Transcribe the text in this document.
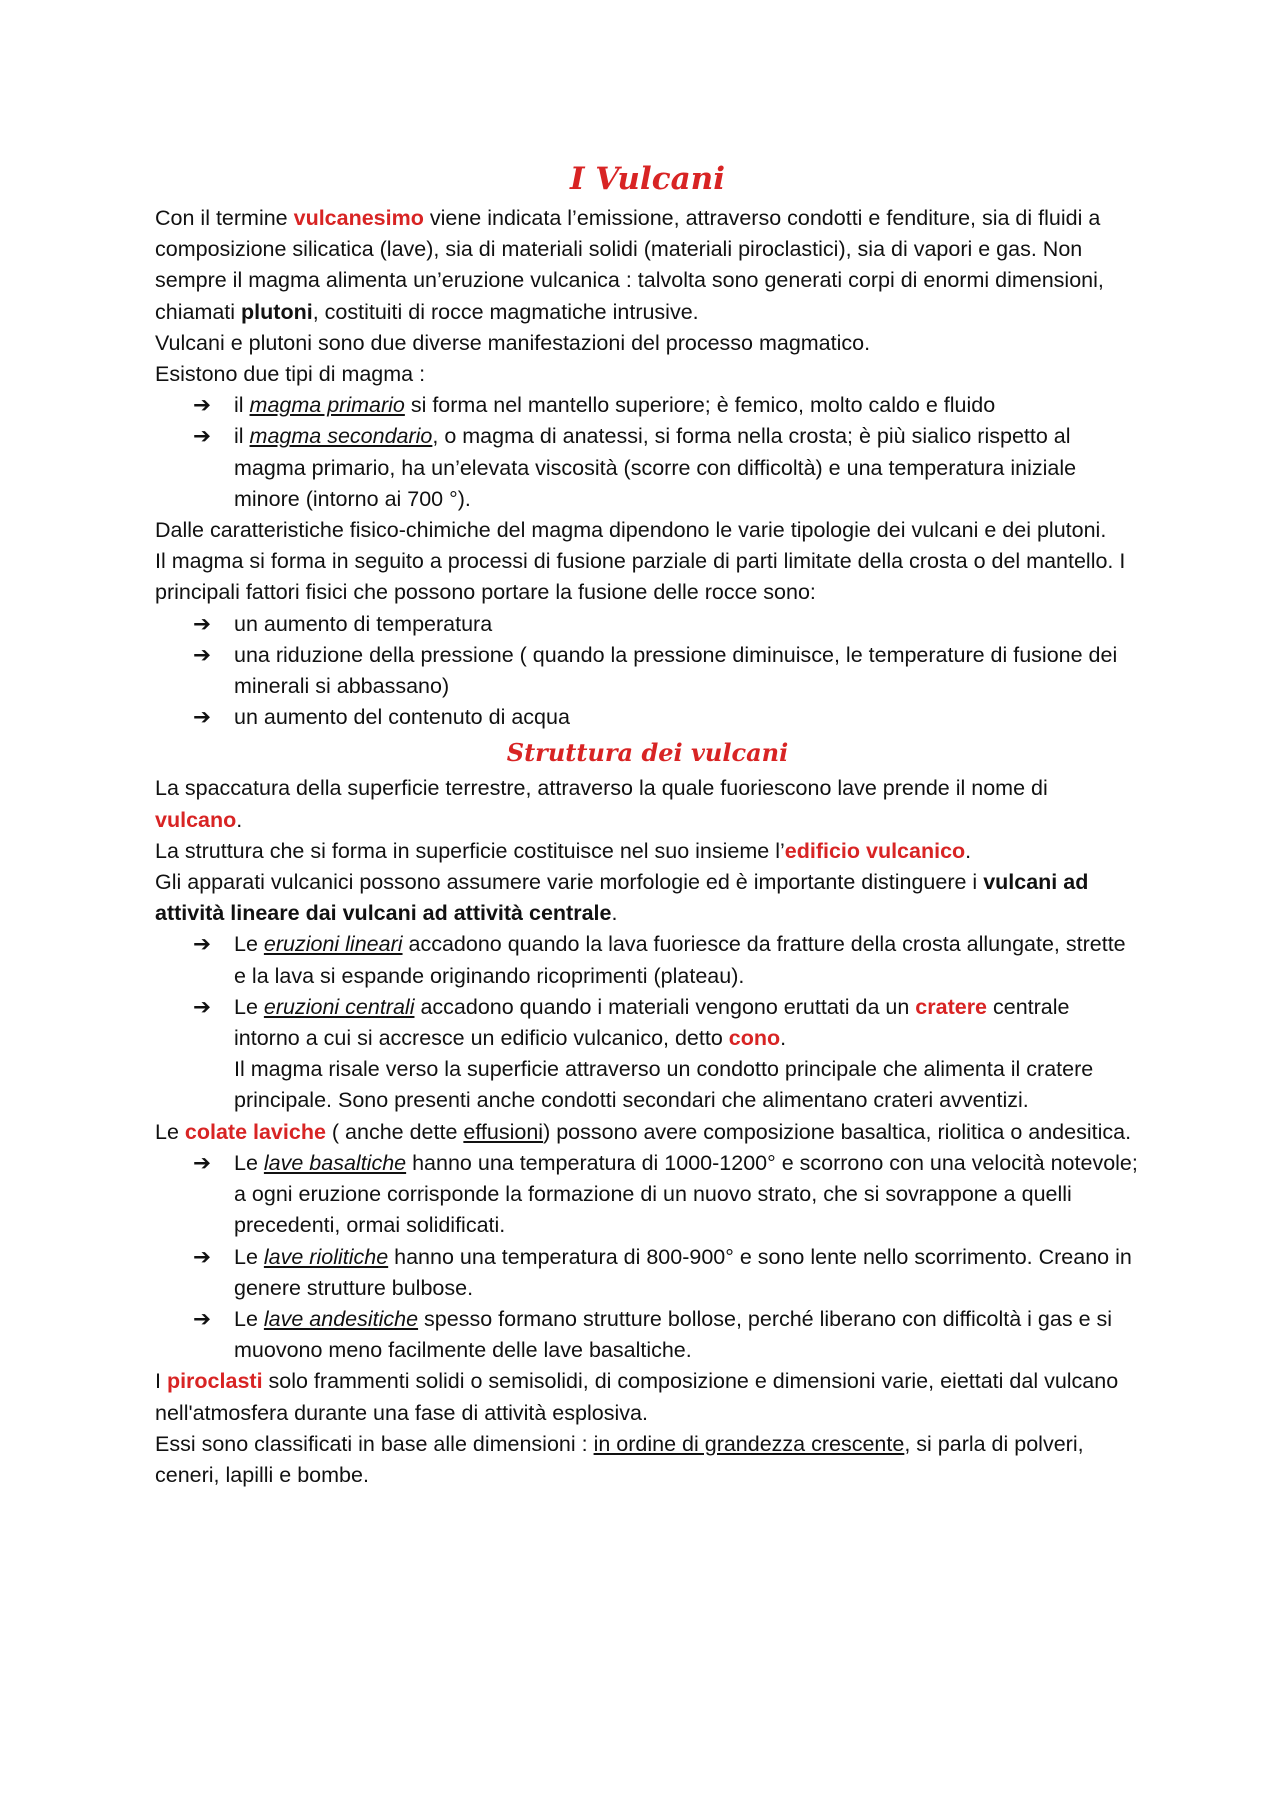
I Vulcani

Con il termine vulcanesimo viene indicata l’emissione, attraverso condotti e fenditure, sia di fluidi a composizione silicatica (lave), sia di materiali solidi (materiali piroclastici), sia di vapori e gas. Non sempre il magma alimenta un’eruzione vulcanica : talvolta sono generati corpi di enormi dimensioni, chiamati plutoni, costituiti di rocce magmatiche intrusive.

Vulcani e plutoni sono due diverse manifestazioni del processo magmatico.

Esistono due tipi di magma :

➔ il magma primario si forma nel mantello superiore; è femico, molto caldo e fluido
➔ il magma secondario, o magma di anatessi, si forma nella crosta; è più sialico rispetto al magma primario, ha un’elevata viscosità (scorre con difficoltà) e una temperatura iniziale minore (intorno ai 700 °).

Dalle caratteristiche fisico-chimiche del magma dipendono le varie tipologie dei vulcani e dei plutoni.

Il magma si forma in seguito a processi di fusione parziale di parti limitate della crosta o del mantello. I principali fattori fisici che possono portare la fusione delle rocce sono:

➔ un aumento di temperatura
➔ una riduzione della pressione ( quando la pressione diminuisce, le temperature di fusione dei minerali si abbassano)
➔ un aumento del contenuto di acqua
Struttura dei vulcani

La spaccatura della superficie terrestre, attraverso la quale fuoriescono lave prende il nome di vulcano.

La struttura che si forma in superficie costituisce nel suo insieme l’edificio vulcanico.

Gli apparati vulcanici possono assumere varie morfologie ed è importante distinguere i vulcani ad attività lineare dai vulcani ad attività centrale.

➔ Le eruzioni lineari accadono quando la lava fuoriesce da fratture della crosta allungate, strette e la lava si espande originando ricoprimenti (plateau).
➔ Le eruzioni centrali accadono quando i materiali vengono eruttati da un cratere centrale intorno a cui si accresce un edificio vulcanico, detto cono.
Il magma risale verso la superficie attraverso un condotto principale che alimenta il cratere principale. Sono presenti anche condotti secondari che alimentano crateri avventizi.

Le colate laviche ( anche dette effusioni) possono avere composizione basaltica, riolitica o andesitica.

➔ Le lave basaltiche hanno una temperatura di 1000-1200° e scorrono con una velocità notevole; a ogni eruzione corrisponde la formazione di un nuovo strato, che si sovrappone a quelli precedenti, ormai solidificati.
➔ Le lave riolitiche hanno una temperatura di 800-900° e sono lente nello scorrimento. Creano in genere strutture bulbose.
➔ Le lave andesitiche spesso formano strutture bollose, perché liberano con difficoltà i gas e si muovono meno facilmente delle lave basaltiche.

I piroclasti solo frammenti solidi o semisolidi, di composizione e dimensioni varie, eiettati dal vulcano nell'atmosfera durante una fase di attività esplosiva.

Essi sono classificati in base alle dimensioni : in ordine di grandezza crescente, si parla di polveri, ceneri, lapilli e bombe.
